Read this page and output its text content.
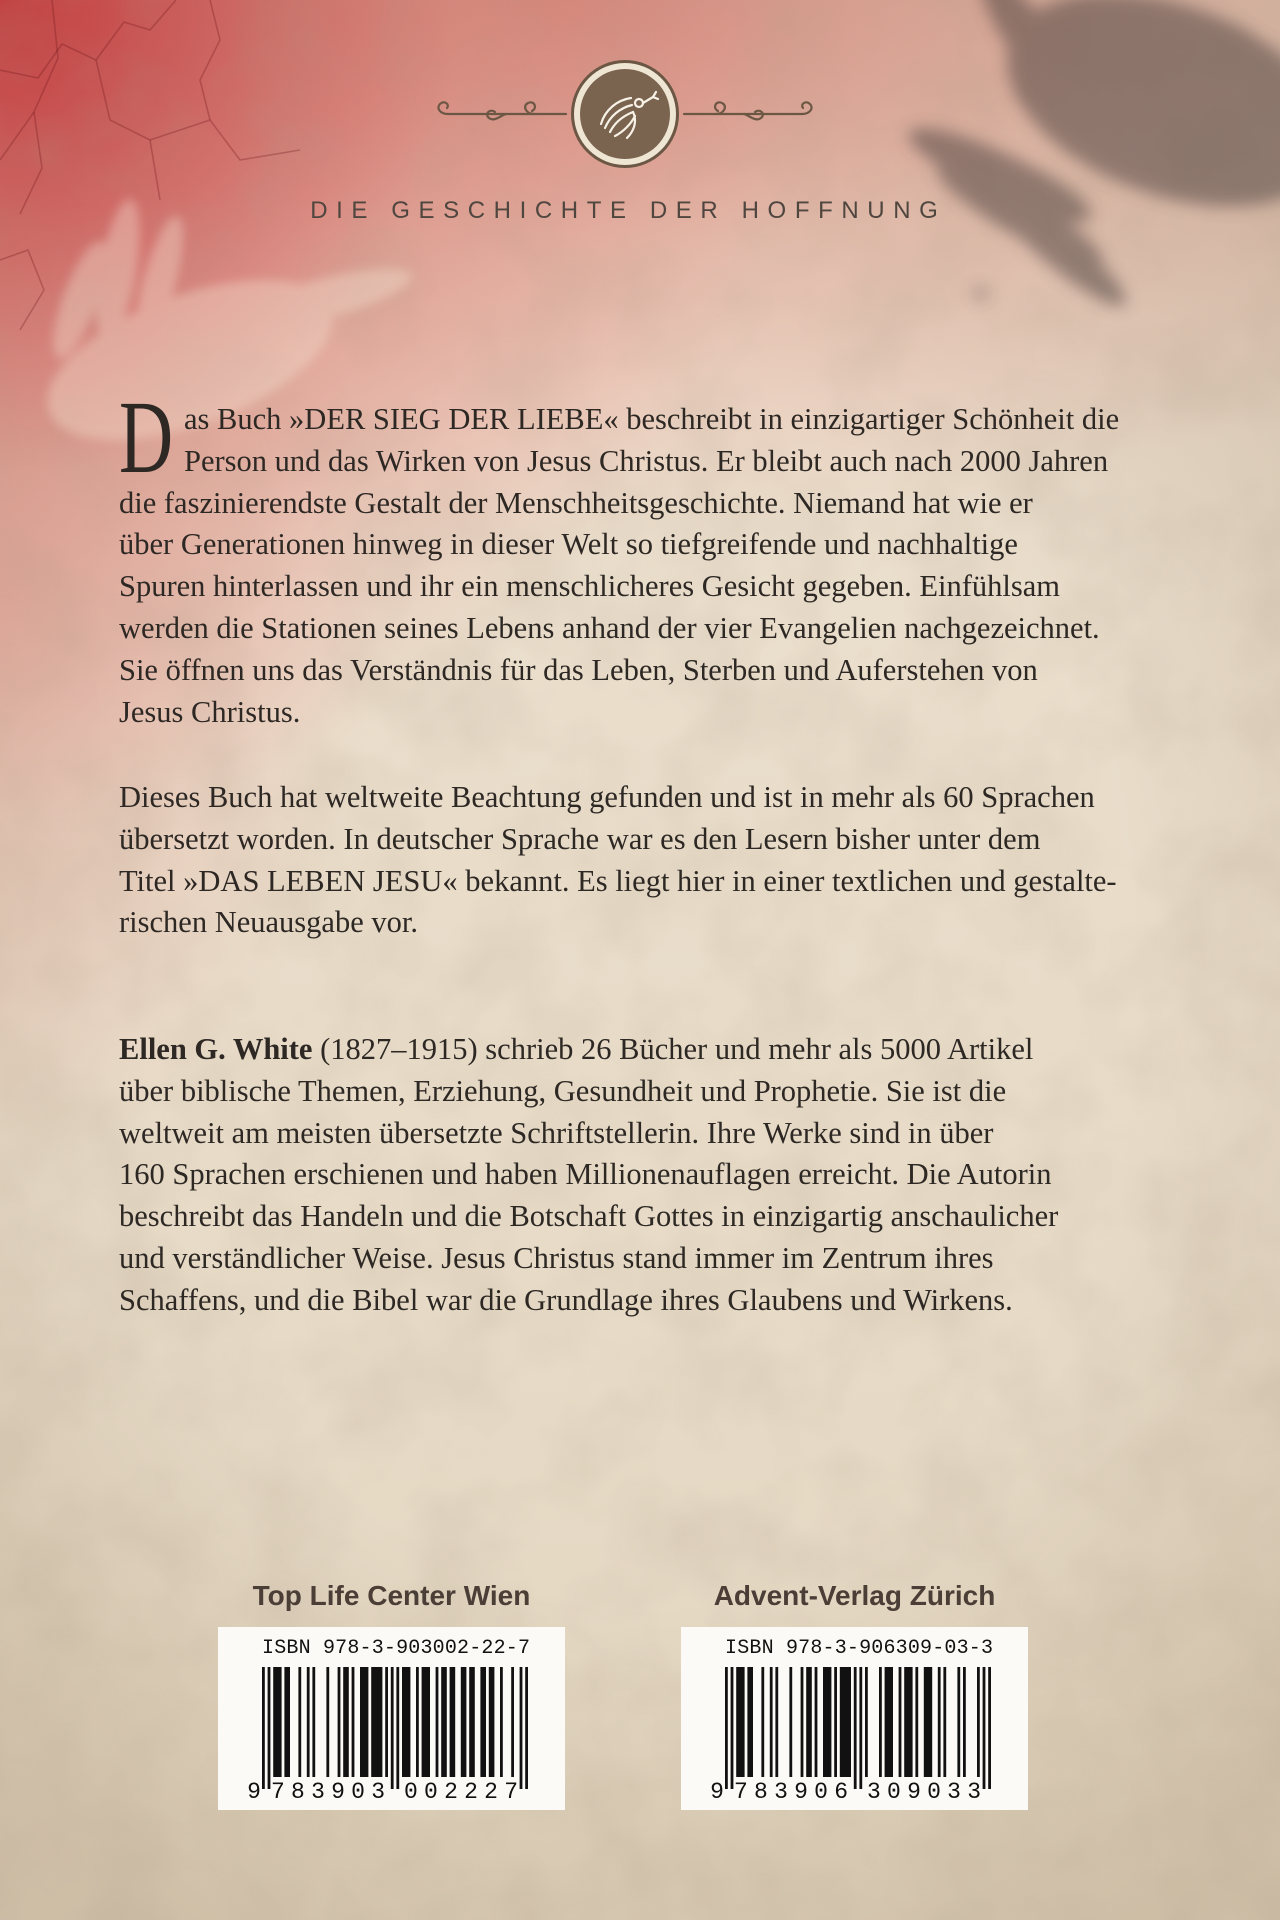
DIE GESCHICHTE DER HOFFNUNG
D as Buch »DER SIEG DER LIEBE« beschreibt in einzigartiger Schönheit die
Person und das Wirken von Jesus Christus. Er bleibt auch nach 2000 Jahren
die faszinierendste Gestalt der Menschheitsgeschichte. Niemand hat wie er
über Generationen hinweg in dieser Welt so tiefgreifende und nachhaltige
Spuren hinterlassen und ihr ein menschlicheres Gesicht gegeben. Einfühlsam
werden die Stationen seines Lebens anhand der vier Evangelien nachgezeichnet.
Sie öffnen uns das Verständnis für das Leben, Sterben und Auferstehen von
Jesus Christus.
Dieses Buch hat weltweite Beachtung gefunden und ist in mehr als 60 Sprachen
übersetzt worden. In deutscher Sprache war es den Lesern bisher unter dem
Titel »DAS LEBEN JESU« bekannt. Es liegt hier in einer textlichen und gestalte-
rischen Neuausgabe vor.
Ellen G. White (1827–1915) schrieb 26 Bücher und mehr als 5000 Artikel
über biblische Themen, Erziehung, Gesundheit und Prophetie. Sie ist die
weltweit am meisten übersetzte Schriftstellerin. Ihre Werke sind in über
160 Sprachen erschienen und haben Millionenauflagen erreicht. Die Autorin
beschreibt das Handeln und die Botschaft Gottes in einzigartig anschaulicher
und verständlicher Weise. Jesus Christus stand immer im Zentrum ihres
Schaffens, und die Bibel war die Grundlage ihres Glaubens und Wirkens.
Top Life Center Wien
ISBN 978-3-903002-22-7
9 783903 002227
Advent-Verlag Zürich
ISBN 978-3-906309-03-3
9 783906 309033
